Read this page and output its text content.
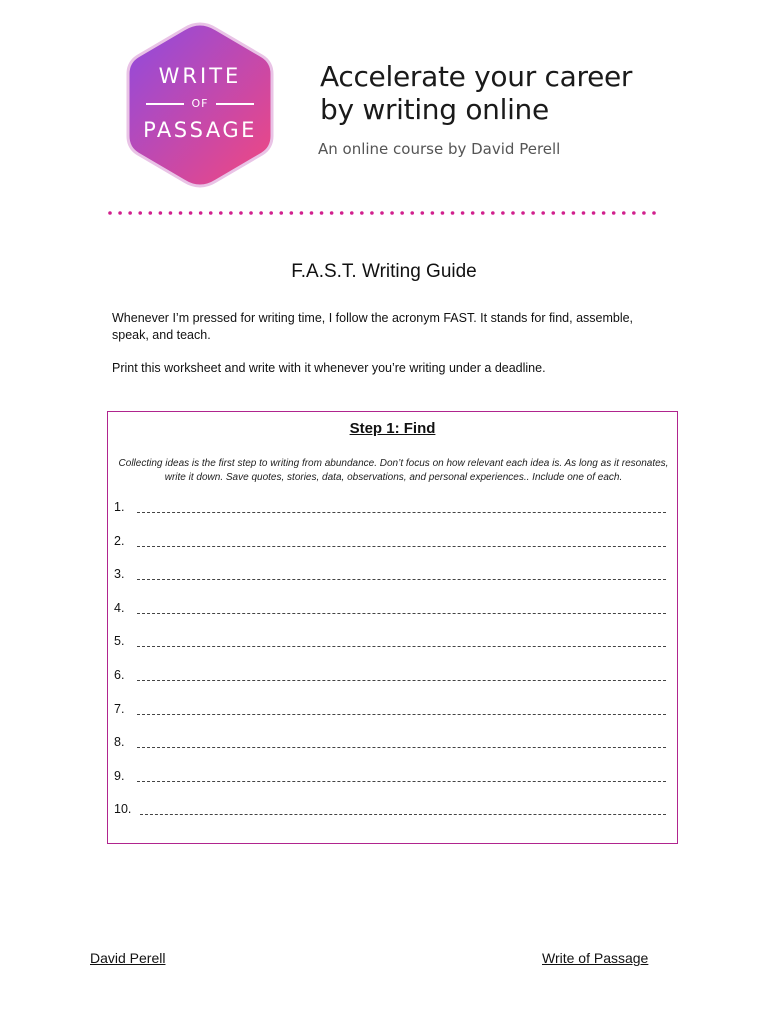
WRITE
OF
PASSAGE
Accelerate your career
by writing online
An online course by David Perell
F.A.S.T. Writing Guide
Whenever I’m pressed for writing time, I follow the acronym FAST. It stands for find, assemble, speak, and teach.
Print this worksheet and write with it whenever you’re writing under a deadline.
Step 1: Find
Collecting ideas is the first step to writing from abundance. Don’t focus on how relevant each idea is. As long as it resonates, write it down. Save quotes, stories, data, observations, and personal experiences.. Include one of each.
1.
2.
3.
4.
5.
6.
7.
8.
9.
10.
David Perell	Write of Passage
